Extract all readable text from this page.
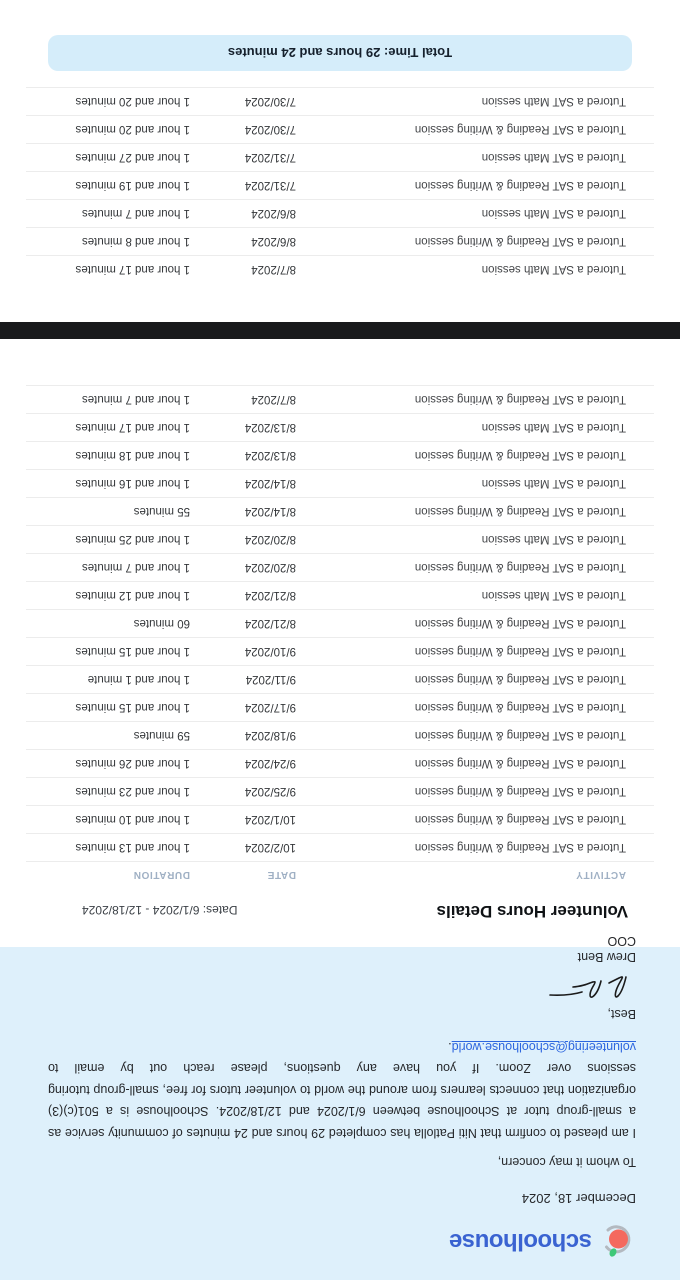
schoolhouse
December 18, 2024
To whom it may concern,
I am pleased to confirm that Niti Patlolla has completed 29 hours and 24 minutes of community service as a small-group tutor at Schoolhouse between 6/1/2024 and 12/18/2024. Schoolhouse is a 501(c)(3) organization that connects learners from around the world to volunteer tutors for free, small-group tutoring sessions over Zoom. If you have any questions, please reach out by email to volunteering@schoolhouse.world.
Best,
Drew Bent
COO
Volunteer Hours Details
Dates: 6/1/2024 - 12/18/2024
ACTIVITY
DATE
DURATION
Tutored a SAT Reading & Writing session
10/2/2024
1 hour and 13 minutes
Tutored a SAT Reading & Writing session
10/1/2024
1 hour and 10 minutes
Tutored a SAT Reading & Writing session
9/25/2024
1 hour and 23 minutes
Tutored a SAT Reading & Writing session
9/24/2024
1 hour and 26 minutes
Tutored a SAT Reading & Writing session
9/18/2024
59 minutes
Tutored a SAT Reading & Writing session
9/17/2024
1 hour and 15 minutes
Tutored a SAT Reading & Writing session
9/11/2024
1 hour and 1 minute
Tutored a SAT Reading & Writing session
9/10/2024
1 hour and 15 minutes
Tutored a SAT Reading & Writing session
8/21/2024
60 minutes
Tutored a SAT Math session
8/21/2024
1 hour and 12 minutes
Tutored a SAT Reading & Writing session
8/20/2024
1 hour and 7 minutes
Tutored a SAT Math session
8/20/2024
1 hour and 25 minutes
Tutored a SAT Reading & Writing session
8/14/2024
55 minutes
Tutored a SAT Math session
8/14/2024
1 hour and 16 minutes
Tutored a SAT Reading & Writing session
8/13/2024
1 hour and 18 minutes
Tutored a SAT Math session
8/13/2024
1 hour and 17 minutes
Tutored a SAT Reading & Writing session
8/7/2024
1 hour and 7 minutes
Tutored a SAT Math session
8/7/2024
1 hour and 17 minutes
Tutored a SAT Reading & Writing session
8/6/2024
1 hour and 8 minutes
Tutored a SAT Math session
8/6/2024
1 hour and 7 minutes
Tutored a SAT Reading & Writing session
7/31/2024
1 hour and 19 minutes
Tutored a SAT Math session
7/31/2024
1 hour and 27 minutes
Tutored a SAT Reading & Writing session
7/30/2024
1 hour and 20 minutes
Tutored a SAT Math session
7/30/2024
1 hour and 20 minutes
Total Time: 29 hours and 24 minutes
